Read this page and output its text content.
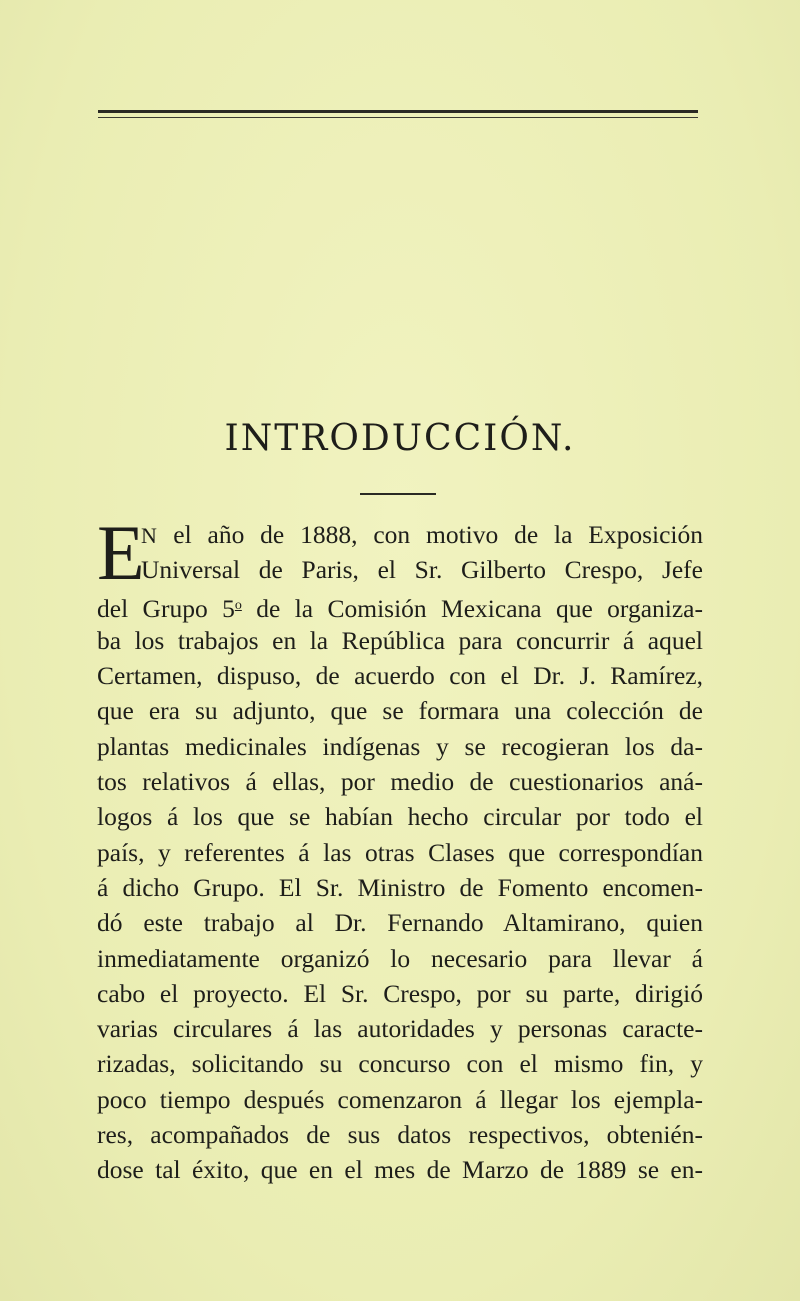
INTRODUCCIÓN.
E
N el año de 1888, con motivo de la Exposición
Universal de Paris, el Sr. Gilberto Crespo, Jefe
del Grupo 5$^o$ de la Comisión Mexicana que organiza-
ba los trabajos en la República para concurrir á aquel
Certamen, dispuso, de acuerdo con el Dr. J. Ramírez,
que era su adjunto, que se formara una colección de
plantas medicinales indígenas y se recogieran los da-
tos relativos á ellas, por medio de cuestionarios aná-
logos á los que se habían hecho circular por todo el
país, y referentes á las otras Clases que correspondían
á dicho Grupo. El Sr. Ministro de Fomento encomen-
dó este trabajo al Dr. Fernando Altamirano, quien
inmediatamente organizó lo necesario para llevar á
cabo el proyecto. El Sr. Crespo, por su parte, dirigió
varias circulares á las autoridades y personas caracte-
rizadas, solicitando su concurso con el mismo fin, y
poco tiempo después comenzaron á llegar los ejempla-
res, acompañados de sus datos respectivos, obtenién-
dose tal éxito, que en el mes de Marzo de 1889 se en-
